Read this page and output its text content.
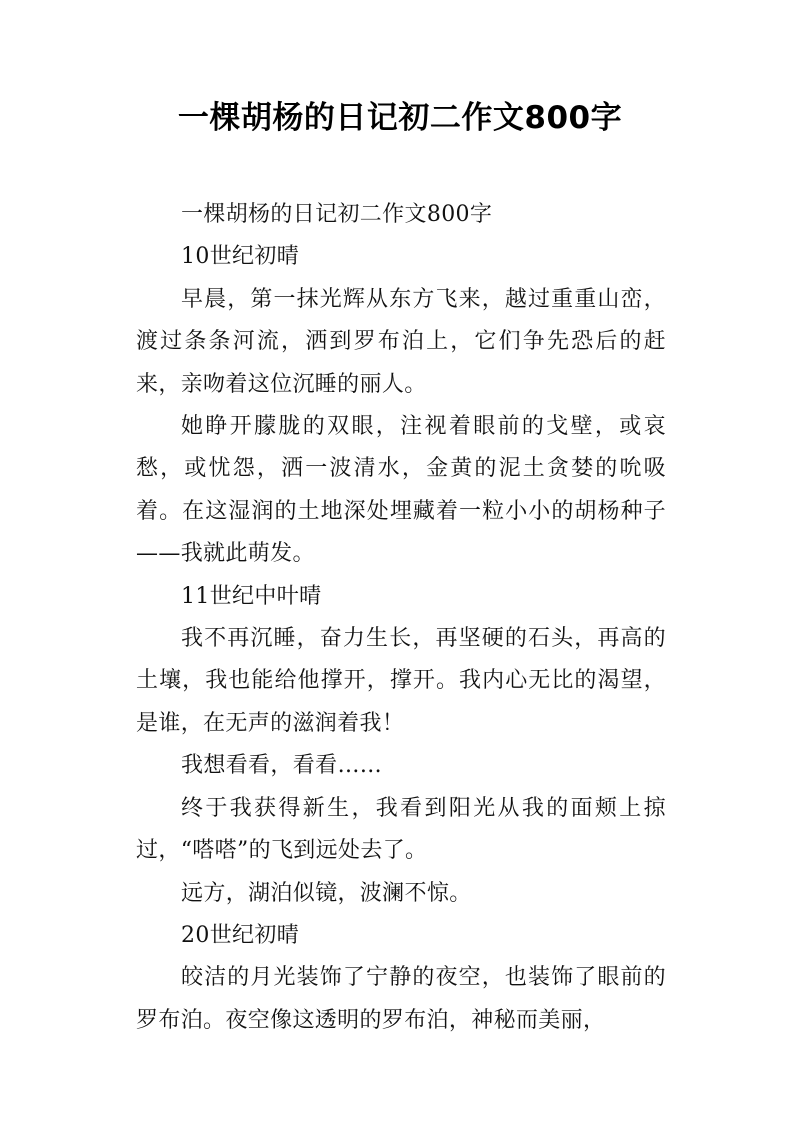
一棵胡杨的日记初二作文800字

一棵胡杨的日记初二作文800字

10世纪初晴

早晨，第一抹光辉从东方飞来，越过重重山峦，渡过条条河流，洒到罗布泊上，它们争先恐后的赶来，亲吻着这位沉睡的丽人。

她睁开朦胧的双眼，注视着眼前的戈壁，或哀愁，或忧怨，洒一波清水，金黄的泥土贪婪的吮吸着。在这湿润的土地深处埋藏着一粒小小的胡杨种子——我就此萌发。

11世纪中叶晴

我不再沉睡，奋力生长，再坚硬的石头，再高的土壤，我也能给他撑开，撑开。我内心无比的渴望，是谁，在无声的滋润着我！

我想看看，看看……

终于我获得新生，我看到阳光从我的面颊上掠过，“嗒嗒”的飞到远处去了。

远方，湖泊似镜，波澜不惊。

20世纪初晴

皎洁的月光装饰了宁静的夜空，也装饰了眼前的罗布泊。夜空像这透明的罗布泊，神秘而美丽，
